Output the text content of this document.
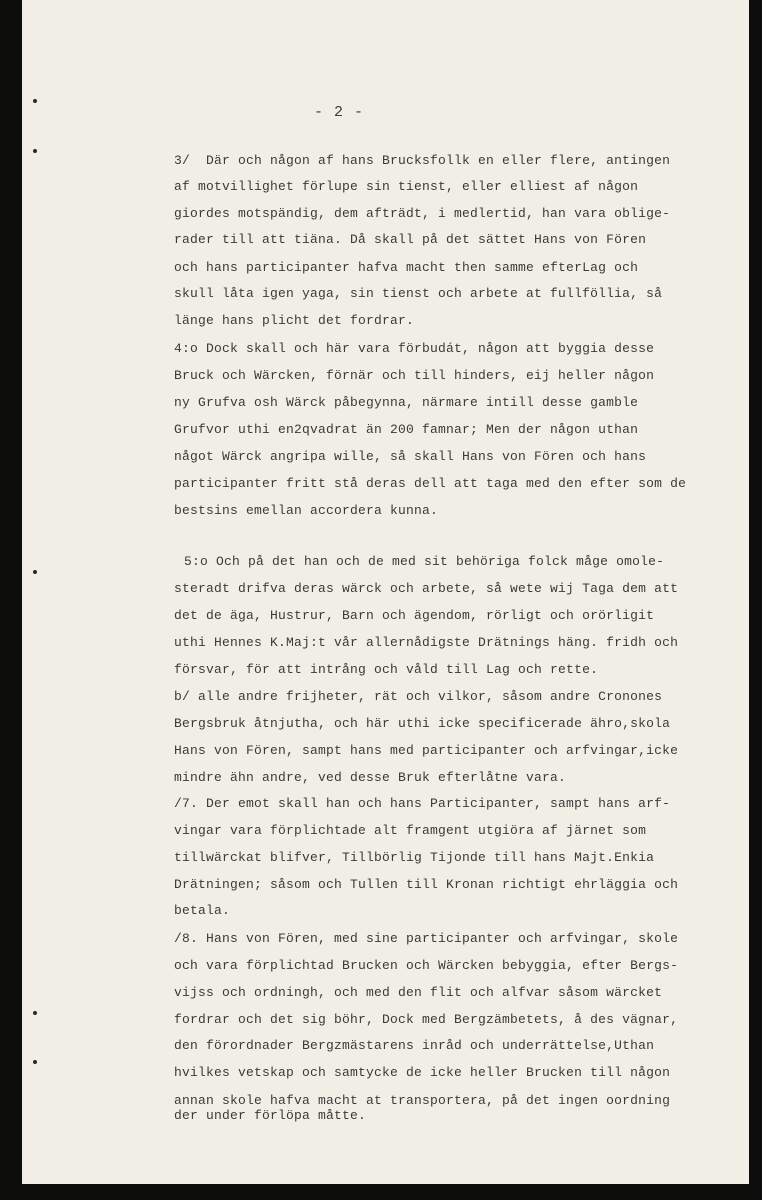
- 2 -
3/  Där och någon af hans Brucksfollk en eller flere, antingen
af motvillighet förlupe sin tienst, eller elliest af någon
giordes motspändig, dem afträdt, i medlertid, han vara oblige-
rader till att tiäna. Då skall på det sättet Hans von Fören
och hans participanter hafva macht then samme efterLag och
skull låta igen yaga, sin tienst och arbete at fullföllia, så
länge hans plicht det fordrar.
4:o Dock skall och här vara förbudát, någon att byggia desse
Bruck och Wärcken, förnär och till hinders, eij heller någon
ny Grufva osh Wärck påbegynna, närmare intill desse gamble
Grufvor uthi en2qvadrat än 200 famnar; Men der någon uthan
något Wärck angripa wille, så skall Hans von Fören och hans
participanter fritt stå deras dell att taga med den efter som de
bestsins emellan accordera kunna.
5:o Och på det han och de med sit behöriga folck måge omole-
steradt drifva deras wärck och arbete, så wete wij Taga dem att
det de äga, Hustrur, Barn och ägendom, rörligt och orörligit
uthi Hennes K.Maj:t vår allernådigste Drätnings häng. fridh och
försvar, för att intrång och våld till Lag och rette.
b/ alle andre frijheter, rät och vilkor, såsom andre Cronones
Bergsbruk åtnjutha, och här uthi icke specificerade ähro,skola
Hans von Fören, sampt hans med participanter och arfvingar,icke
mindre ähn andre, ved desse Bruk efterlåtne vara.
/7. Der emot skall han och hans Participanter, sampt hans arf-
vingar vara förplichtade alt framgent utgiöra af järnet som
tillwärckat blifver, Tillbörlig Tijonde till hans Majt.Enkia
Drätningen; såsom och Tullen till Kronan richtigt ehrläggia och
betala.
/8. Hans von Fören, med sine participanter och arfvingar, skole
och vara förplichtad Brucken och Wärcken bebyggia, efter Bergs-
vijss och ordningh, och med den flit och alfvar såsom wärcket
fordrar och det sig böhr, Dock med Bergzämbetets, å des vägnar,
den förordnader Bergzmästarens inråd och underrättelse,Uthan
hvilkes vetskap och samtycke de icke heller Brucken till någon
annan skole hafva macht at transportera, på det ingen oordning
der under förlöpa måtte.
